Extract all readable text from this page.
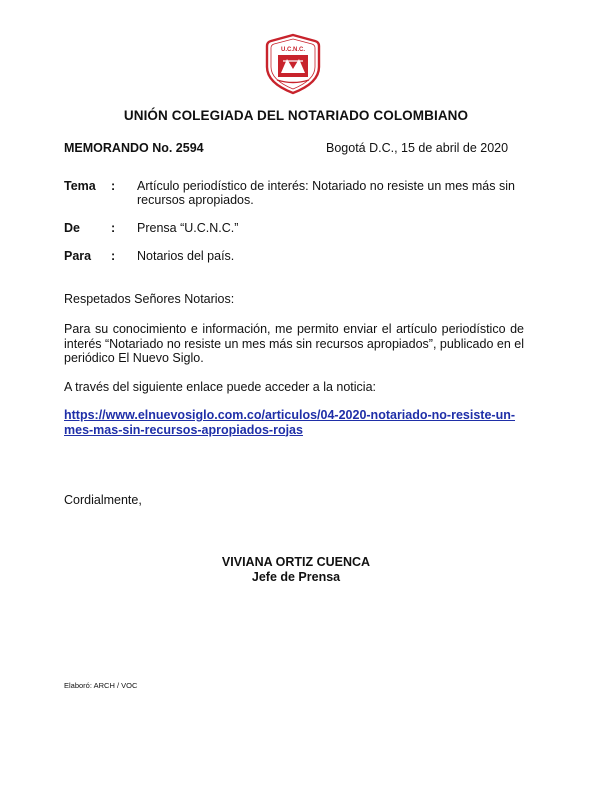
U.C.N.C.
UNIÓN COLEGIADA DEL NOTARIADO COLOMBIANO
MEMORANDO No. 2594	Bogotá D.C., 15 de abril de 2020
Tema : Artículo periodístico de interés: Notariado no resiste un mes más sin recursos apropiados.
De : Prensa “U.C.N.C.”
Para : Notarios del país.
Respetados Señores Notarios:
Para su conocimiento e información, me permito enviar el artículo periodístico de interés “Notariado no resiste un mes más sin recursos apropiados”, publicado en el periódico El Nuevo Siglo.
A través del siguiente enlace puede acceder a la noticia:
https://www.elnuevosiglo.com.co/articulos/04-2020-notariado-no-resiste-un-mes-mas-sin-recursos-apropiados-rojas
Cordialmente,
VIVIANA ORTIZ CUENCA
Jefe de Prensa
Elaboró: ARCH / VOC
